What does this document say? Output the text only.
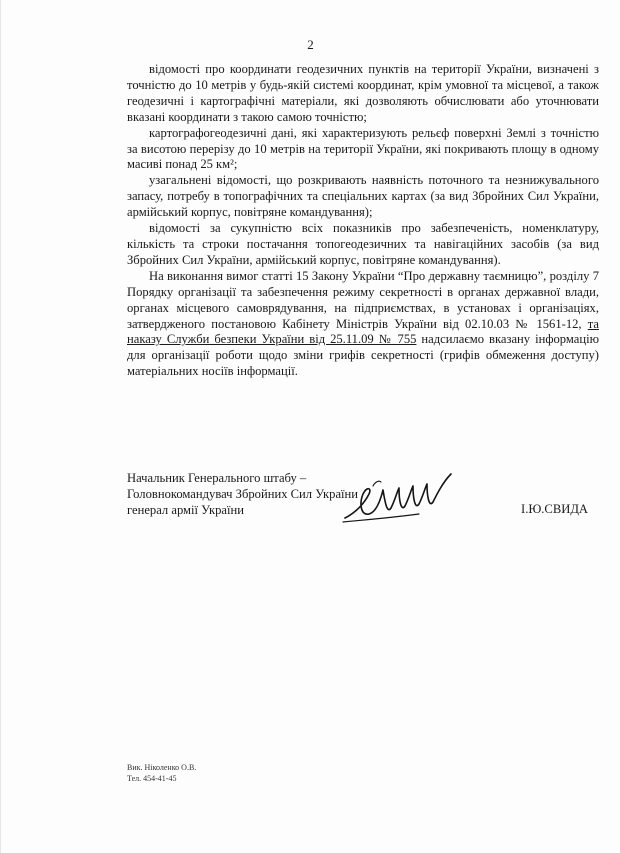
2

відомості про координати геодезичних пунктів на території України, визначені з точністю до 10 метрів у будь-якій системі координат, крім умовної та місцевої, а також геодезичні і картографічні матеріали, які дозволяють обчислювати або уточнювати вказані координати з такою самою точністю;

картографогеодезичні дані, які характеризують рельєф поверхні Землі з точністю за висотою перерізу до 10 метрів на території України, які покривають площу в одному масиві понад 25 км²;

узагальнені відомості, що розкривають наявність поточного та незнижувального запасу, потребу в топографічних та спеціальних картах (за вид Збройних Сил України, армійський корпус, повітряне командування);

відомості за сукупністю всіх показників про забезпеченість, номенклатуру, кількість та строки постачання топогеодезичних та навігаційних засобів (за вид Збройних Сил України, армійський корпус, повітряне командування).

На виконання вимог статті 15 Закону України “Про державну таємницю”, розділу 7 Порядку організації та забезпечення режиму секретності в органах державної влади, органах місцевого самоврядування, на підприємствах, в установах і організаціях, затвердженого постановою Кабінету Міністрів України від 02.10.03 № 1561-12, та наказу Служби безпеки України від 25.11.09 № 755 надсилаємо вказану інформацію для організації роботи щодо зміни грифів секретності (грифів обмеження доступу) матеріальних носіїв інформації.

Начальник Генерального штабу –
Головнокомандувач Збройних Сил України
генерал армії України	І.Ю.СВИДА
Вик. Ніколенко О.В.
Тел. 454-41-45
